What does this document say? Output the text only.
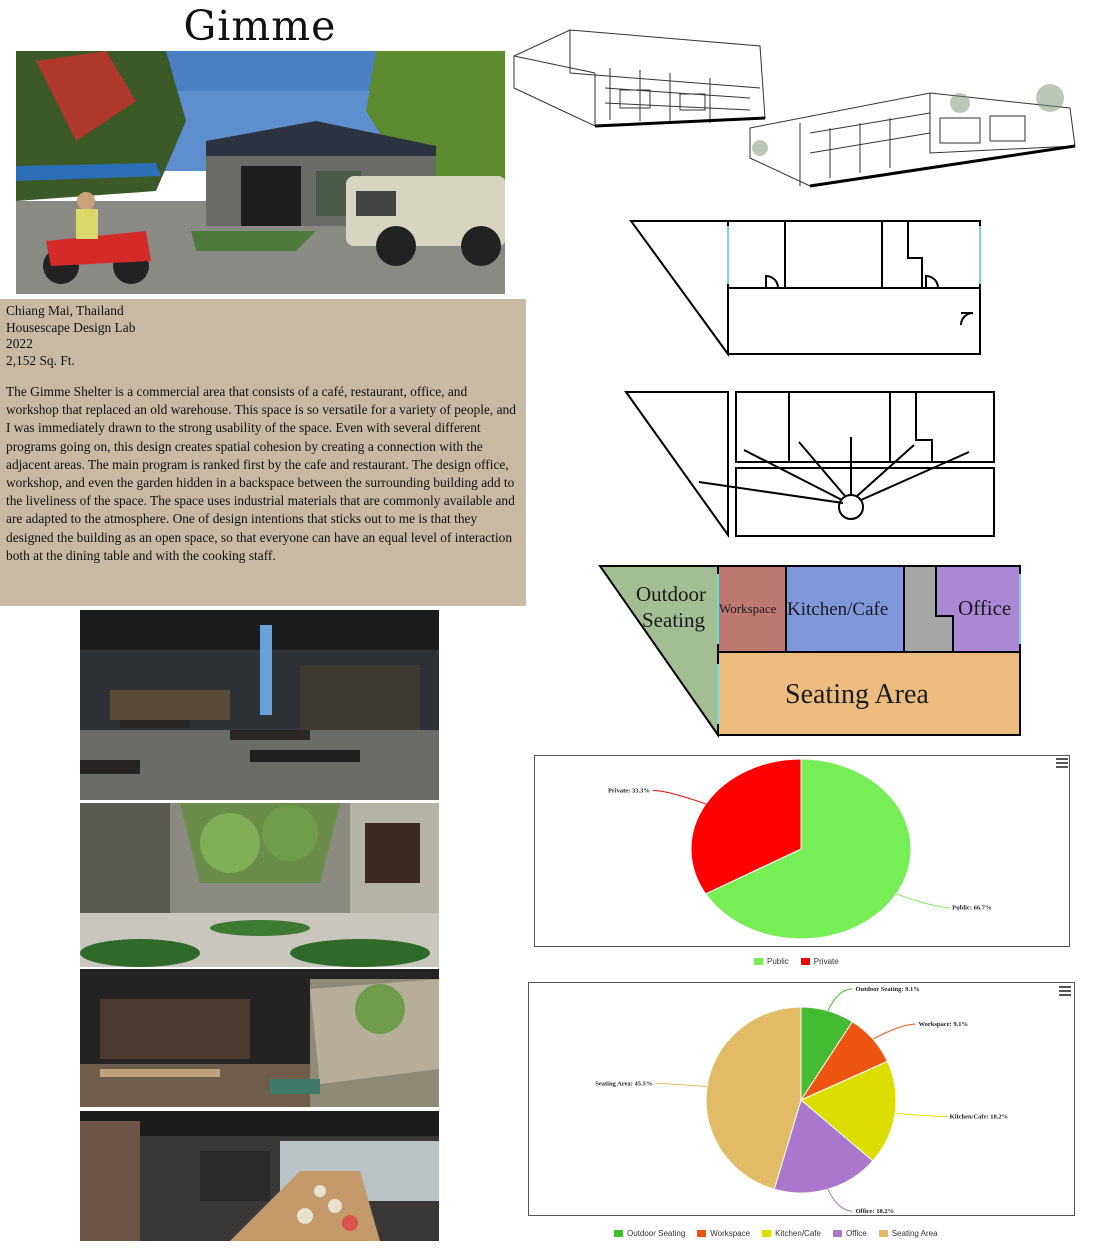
Gimme
Chiang Mai, Thailand
Housescape Design Lab
2022
2,152 Sq. Ft.

The Gimme Shelter is a commercial area that consists of a café, restaurant, office, and workshop that replaced an old warehouse. This space is so versatile for a variety of people, and I was immediately drawn to the strong usability of the space. Even with several different programs going on, this design creates spatial cohesion by creating a connection with the adjacent areas. The main program is ranked first by the cafe and restaurant. The design office, workshop, and even the garden hidden in a backspace between the surrounding building add to the liveliness of the space. The space uses industrial materials that are commonly available and are adapted to the atmosphere. One of design intentions that sticks out to me is that they designed the building as an open space, so that everyone can have an equal level of interaction both at the dining table and with the cooking staff.

Outdoor
Seating Workspace Kitchen/Cafe	Office
Seating Area
Public: 66.7%
Private: 33.3%
Public	Private
Outdoor Seating: 9.1%
Workspace: 9.1%
Kitchen/Cafe: 18.2%
Office: 18.2%
Seating Area: 45.5%
Outdoor Seating	Workspace	Kitchen/Cafe	Office	Seating Area
